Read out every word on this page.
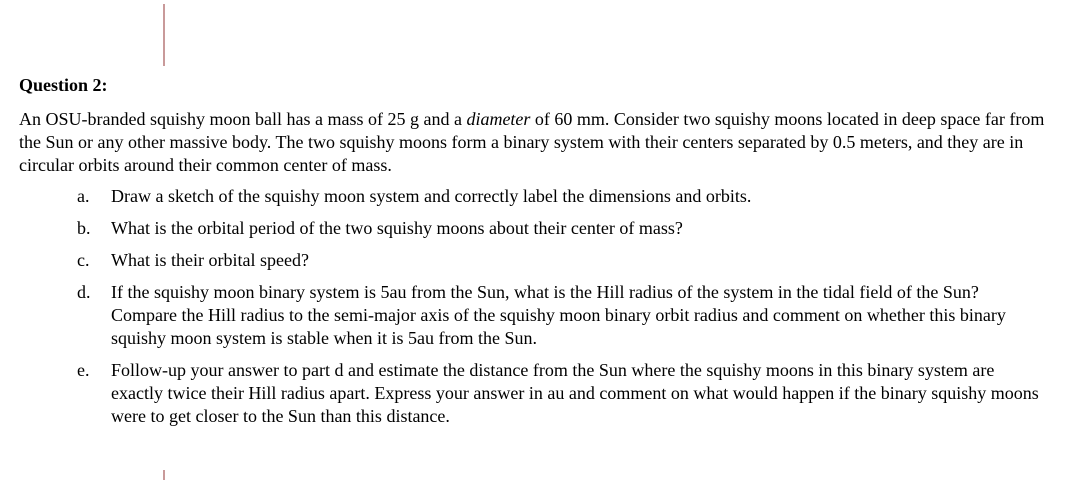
Question 2:

An OSU-branded squishy moon ball has a mass of 25 g and a diameter of 60 mm. Consider two squishy moons located in deep space far from the Sun or any other massive body. The two squishy moons form a binary system with their centers separated by 0.5 meters, and they are in circular orbits around their common center of mass.

a.	Draw a sketch of the squishy moon system and correctly label the dimensions and orbits.
b.	What is the orbital period of the two squishy moons about their center of mass?
c.	What is their orbital speed?
d.	If the squishy moon binary system is 5au from the Sun, what is the Hill radius of the system in the tidal field of the Sun? Compare the Hill radius to the semi-major axis of the squishy moon binary orbit radius and comment on whether this binary squishy moon system is stable when it is 5au from the Sun.
e.	Follow-up your answer to part d and estimate the distance from the Sun where the squishy moons in this binary system are exactly twice their Hill radius apart. Express your answer in au and comment on what would happen if the binary squishy moons were to get closer to the Sun than this distance.
